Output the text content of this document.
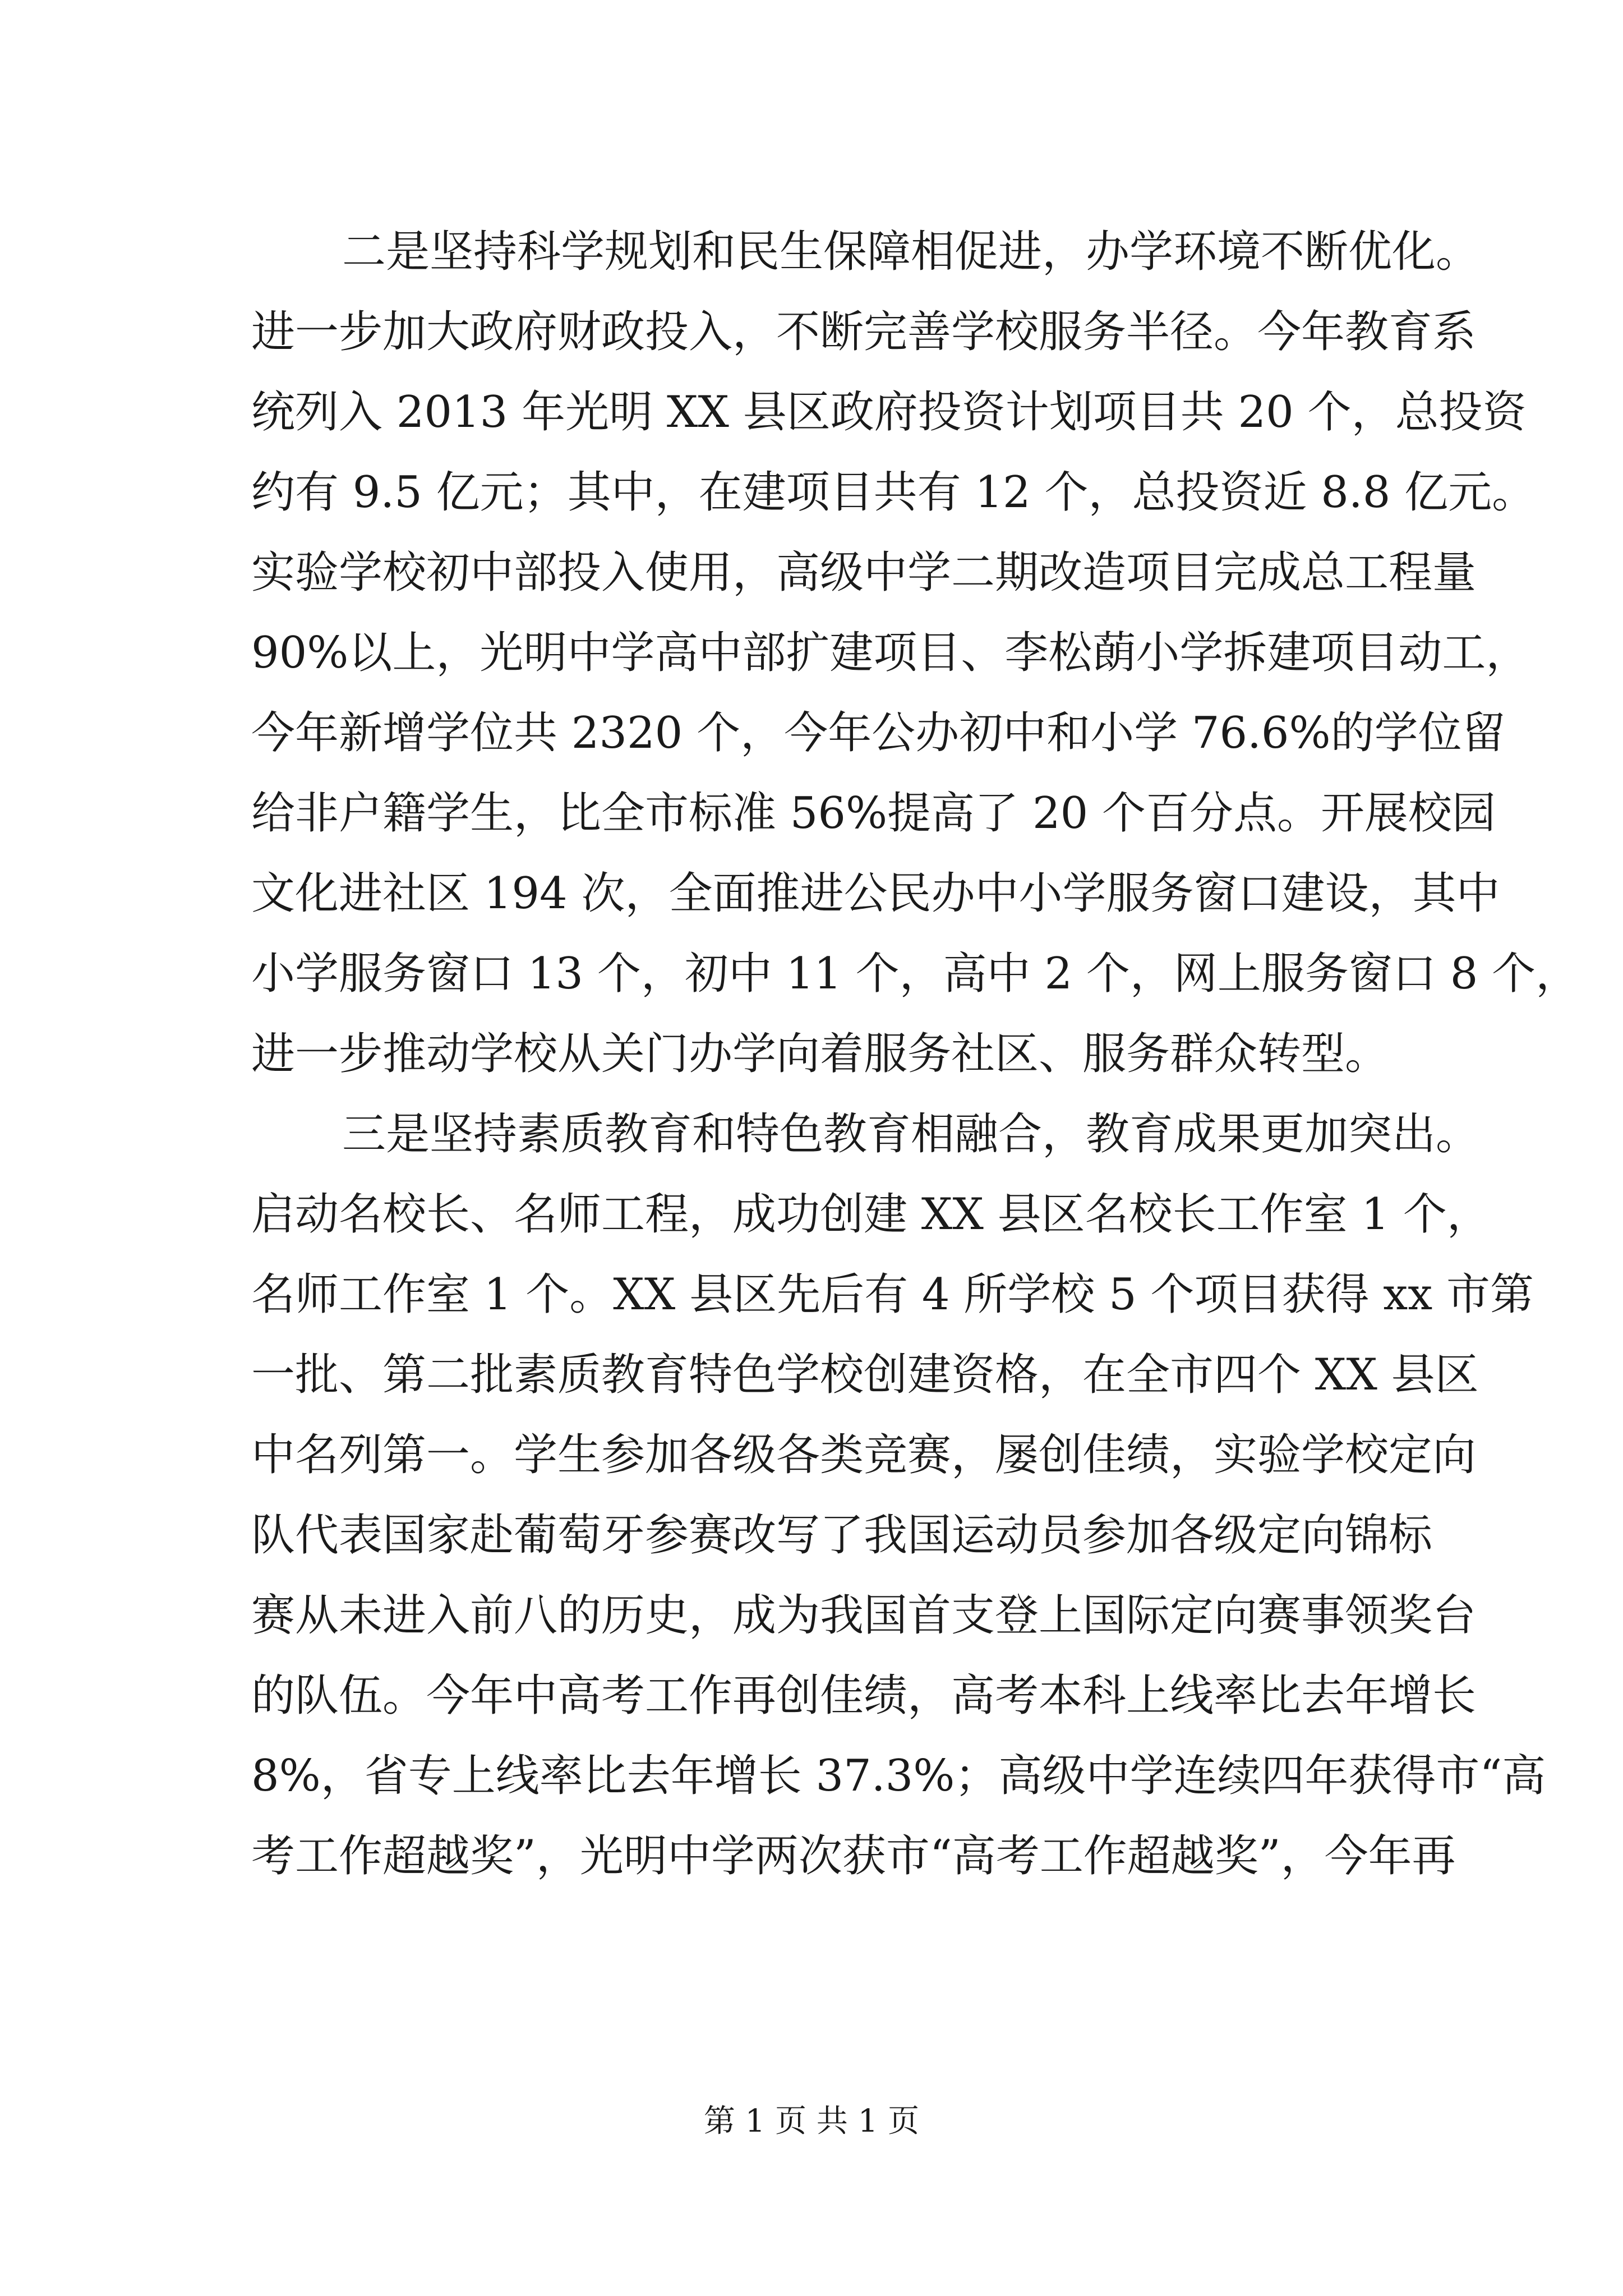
二是坚持科学规划和民生保障相促进，办学环境不断优化。
进一步加大政府财政投入，不断完善学校服务半径。今年教育系
统列入 2013 年光明 XX 县区政府投资计划项目共 20 个，总投资
约有 9.5 亿元；其中，在建项目共有 12 个，总投资近 8.8 亿元。
实验学校初中部投入使用，高级中学二期改造项目完成总工程量
90%以上，光明中学高中部扩建项目、李松蓢小学拆建项目动工，
今年新增学位共 2320 个，今年公办初中和小学 76.6%的学位留
给非户籍学生，比全市标准 56%提高了 20 个百分点。开展校园
文化进社区 194 次，全面推进公民办中小学服务窗口建设，其中
小学服务窗口 13 个，初中 11 个，高中 2 个，网上服务窗口 8 个，
进一步推动学校从关门办学向着服务社区、服务群众转型。
三是坚持素质教育和特色教育相融合，教育成果更加突出。
启动名校长、名师工程，成功创建 XX 县区名校长工作室 1 个，
名师工作室 1 个。XX 县区先后有 4 所学校 5 个项目获得 xx 市第
一批、第二批素质教育特色学校创建资格，在全市四个 XX 县区
中名列第一。学生参加各级各类竞赛，屡创佳绩，实验学校定向
队代表国家赴葡萄牙参赛改写了我国运动员参加各级定向锦标
赛从未进入前八的历史，成为我国首支登上国际定向赛事领奖台
的队伍。今年中高考工作再创佳绩，高考本科上线率比去年增长
8%，省专上线率比去年增长 37.3%；高级中学连续四年获得市“高
考工作超越奖”，光明中学两次获市“高考工作超越奖”，今年再
第 1 页 共 1 页
